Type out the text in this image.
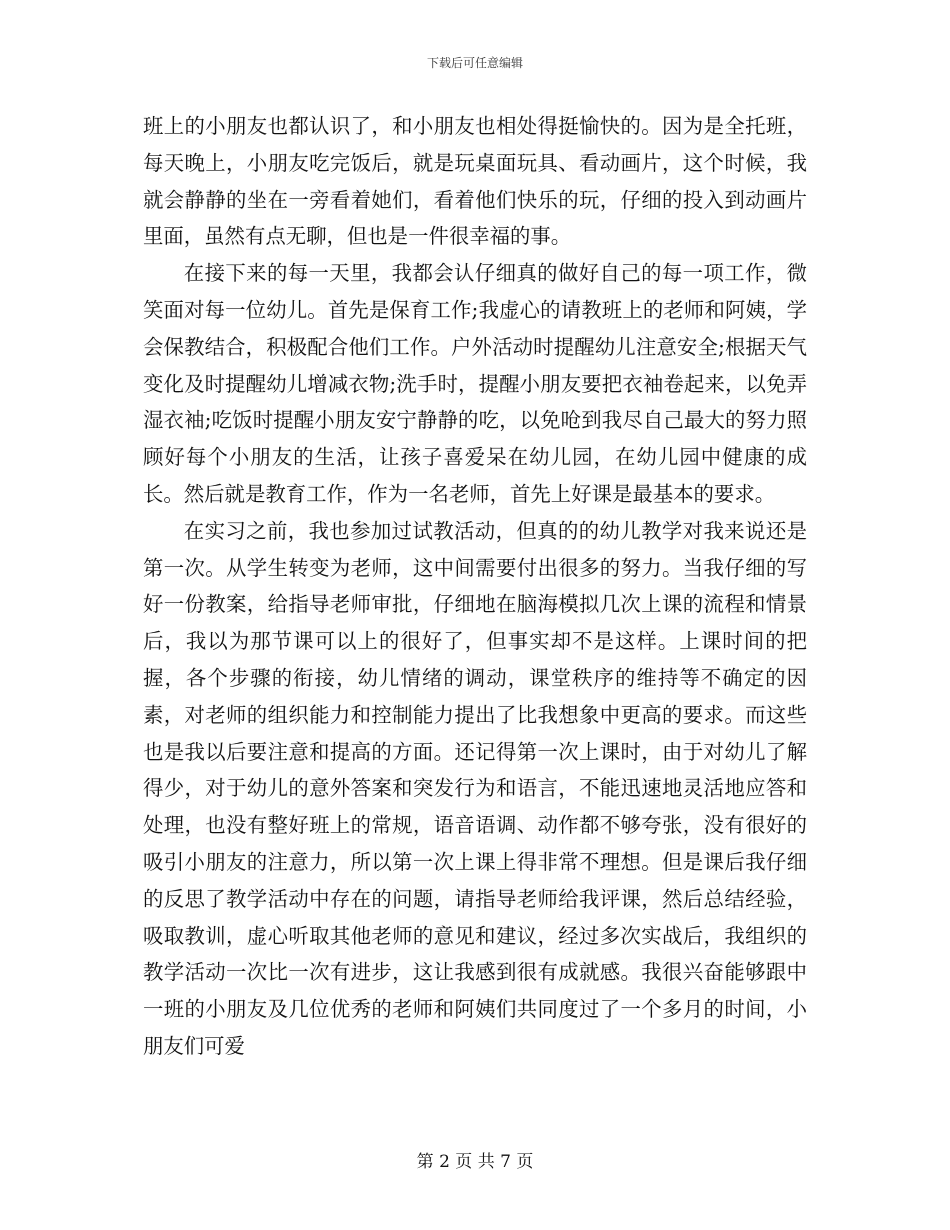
下载后可任意编辑

班上的小朋友也都认识了，和小朋友也相处得挺愉快的。因为是全托班，每天晚上，小朋友吃完饭后，就是玩桌面玩具、看动画片，这个时候，我就会静静的坐在一旁看着她们，看着他们快乐的玩，仔细的投入到动画片里面，虽然有点无聊，但也是一件很幸福的事。

在接下来的每一天里，我都会认仔细真的做好自己的每一项工作，微笑面对每一位幼儿。首先是保育工作;我虚心的请教班上的老师和阿姨，学会保教结合，积极配合他们工作。户外活动时提醒幼儿注意安全;根据天气变化及时提醒幼儿增减衣物;洗手时，提醒小朋友要把衣袖卷起来，以免弄湿衣袖;吃饭时提醒小朋友安宁静静的吃，以免呛到我尽自己最大的努力照顾好每个小朋友的生活，让孩子喜爱呆在幼儿园，在幼儿园中健康的成长。然后就是教育工作，作为一名老师，首先上好课是最基本的要求。

在实习之前，我也参加过试教活动，但真的的幼儿教学对我来说还是第一次。从学生转变为老师，这中间需要付出很多的努力。当我仔细的写好一份教案，给指导老师审批，仔细地在脑海模拟几次上课的流程和情景后，我以为那节课可以上的很好了，但事实却不是这样。上课时间的把握，各个步骤的衔接，幼儿情绪的调动，课堂秩序的维持等不确定的因素，对老师的组织能力和控制能力提出了比我想象中更高的要求。而这些也是我以后要注意和提高的方面。还记得第一次上课时，由于对幼儿了解得少，对于幼儿的意外答案和突发行为和语言，不能迅速地灵活地应答和处理，也没有整好班上的常规，语音语调、动作都不够夸张，没有很好的吸引小朋友的注意力，所以第一次上课上得非常不理想。但是课后我仔细的反思了教学活动中存在的问题，请指导老师给我评课，然后总结经验，吸取教训，虚心听取其他老师的意见和建议，经过多次实战后，我组织的教学活动一次比一次有进步，这让我感到很有成就感。我很兴奋能够跟中一班的小朋友及几位优秀的老师和阿姨们共同度过了一个多月的时间，小朋友们可爱

第 2 页 共 7 页
